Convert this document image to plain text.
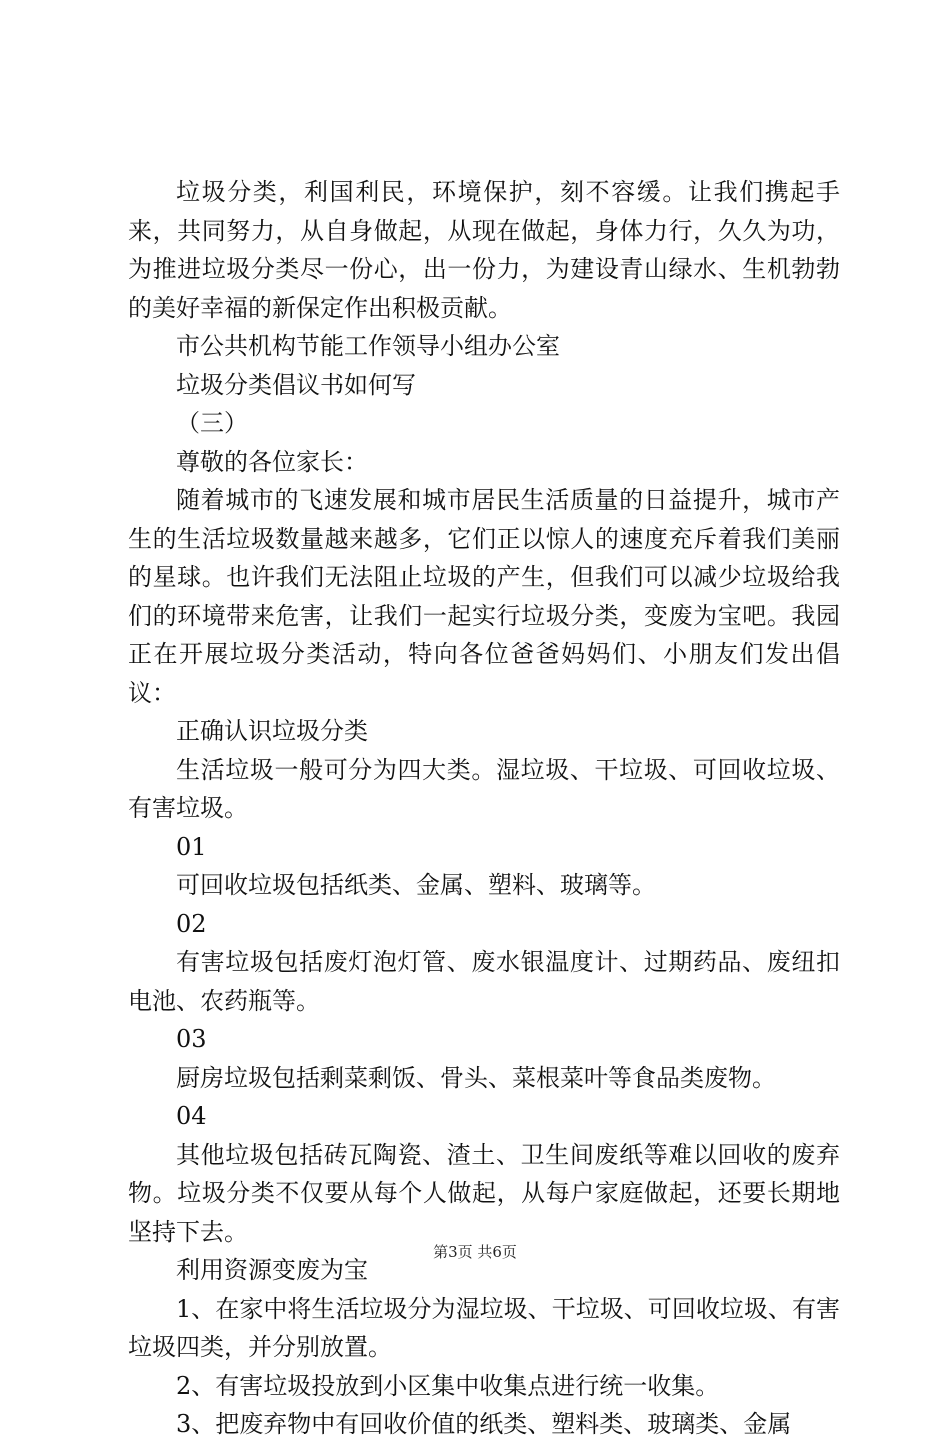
垃圾分类，利国利民，环境保护，刻不容缓。让我们携起手来，共同努力，从自身做起，从现在做起，身体力行，久久为功，为推进垃圾分类尽一份心，出一份力，为建设青山绿水、生机勃勃的美好幸福的新保定作出积极贡献。

市公共机构节能工作领导小组办公室

垃圾分类倡议书如何写

（三）

尊敬的各位家长：

随着城市的飞速发展和城市居民生活质量的日益提升，城市产生的生活垃圾数量越来越多，它们正以惊人的速度充斥着我们美丽的星球。也许我们无法阻止垃圾的产生，但我们可以减少垃圾给我们的环境带来危害，让我们一起实行垃圾分类，变废为宝吧。我园正在开展垃圾分类活动，特向各位爸爸妈妈们、小朋友们发出倡议：

正确认识垃圾分类

生活垃圾一般可分为四大类。湿垃圾、干垃圾、可回收垃圾、有害垃圾。

01

可回收垃圾包括纸类、金属、塑料、玻璃等。

02

有害垃圾包括废灯泡灯管、废水银温度计、过期药品、废纽扣电池、农药瓶等。

03

厨房垃圾包括剩菜剩饭、骨头、菜根菜叶等食品类废物。

04

其他垃圾包括砖瓦陶瓷、渣土、卫生间废纸等难以回收的废弃物。垃圾分类不仅要从每个人做起，从每户家庭做起，还要长期地坚持下去。

利用资源变废为宝

1、在家中将生活垃圾分为湿垃圾、干垃圾、可回收垃圾、有害垃圾四类，并分别放置。

2、有害垃圾投放到小区集中收集点进行统一收集。

3、把废弃物中有回收价值的纸类、塑料类、玻璃类、金属

第3页 共6页
